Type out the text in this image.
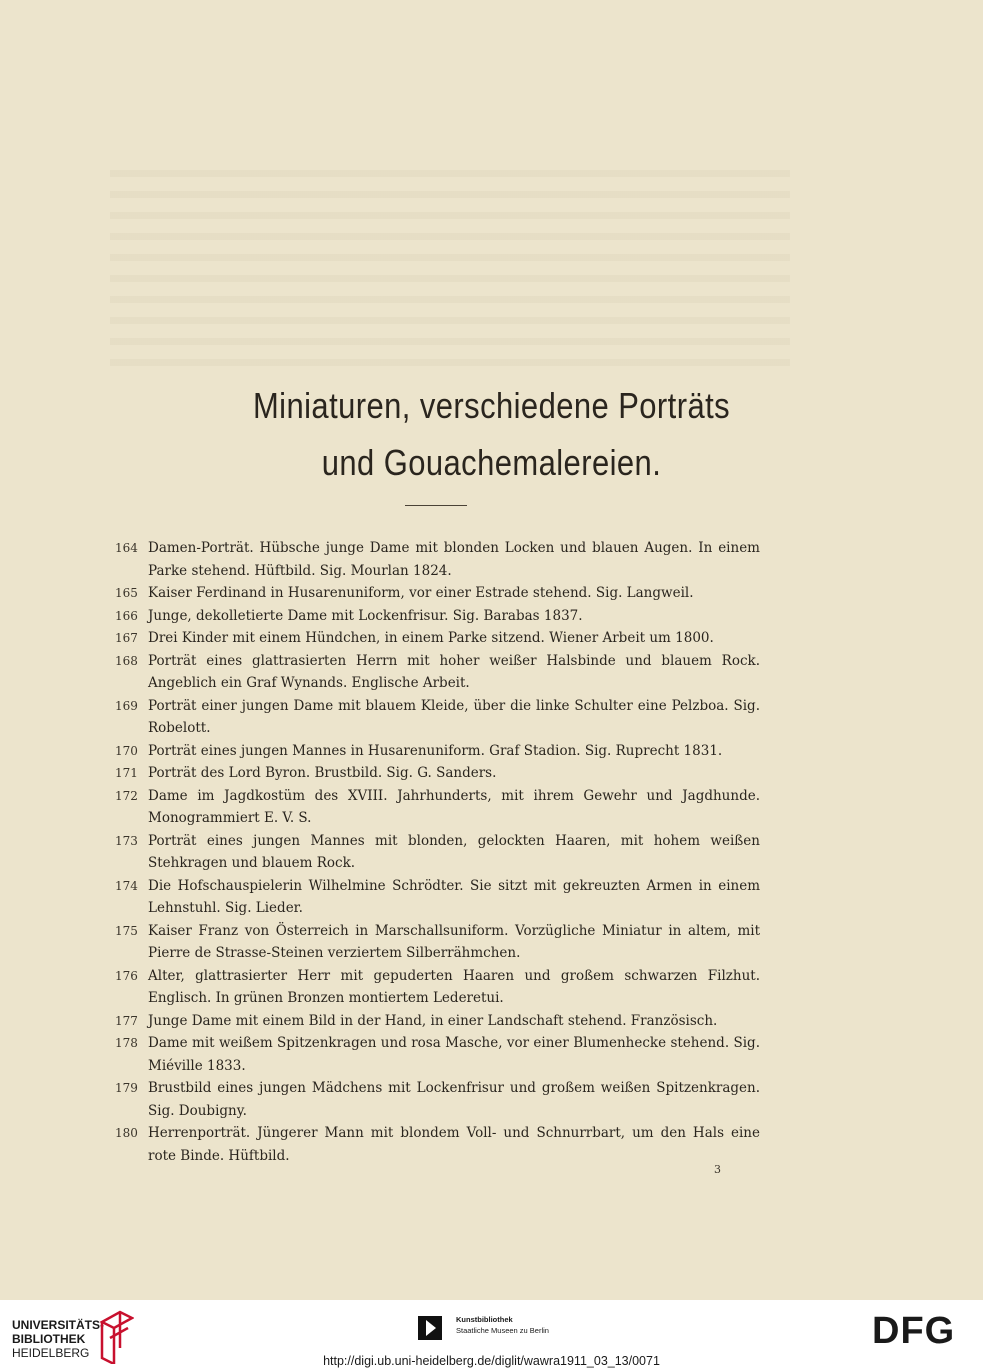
Miniaturen, verschiedene Porträts
und Gouachemalereien.
164 Damen-Porträt. Hübsche junge Dame mit blonden Locken und blauen Augen. In einem Parke stehend. Hüftbild. Sig. Mourlan 1824.
165 Kaiser Ferdinand in Husarenuniform, vor einer Estrade stehend. Sig. Langweil.
166 Junge, dekolletierte Dame mit Lockenfrisur. Sig. Barabas 1837.
167 Drei Kinder mit einem Hündchen, in einem Parke sitzend. Wiener Arbeit um 1800.
168 Porträt eines glattrasierten Herrn mit hoher weißer Halsbinde und blauem Rock. Angeblich ein Graf Wynands. Englische Arbeit.
169 Porträt einer jungen Dame mit blauem Kleide, über die linke Schulter eine Pelzboa. Sig. Robelott.
170 Porträt eines jungen Mannes in Husarenuniform. Graf Stadion. Sig. Ruprecht 1831.
171 Porträt des Lord Byron. Brustbild. Sig. G. Sanders.
172 Dame im Jagdkostüm des XVIII. Jahrhunderts, mit ihrem Gewehr und Jagdhunde. Monogrammiert E. V. S.
173 Porträt eines jungen Mannes mit blonden, gelockten Haaren, mit hohem weißen Stehkragen und blauem Rock.
174 Die Hofschauspielerin Wilhelmine Schrödter. Sie sitzt mit gekreuzten Armen in einem Lehnstuhl. Sig. Lieder.
175 Kaiser Franz von Österreich in Marschallsuniform. Vorzügliche Miniatur in altem, mit Pierre de Strasse-Steinen verziertem Silberrähmchen.
176 Alter, glattrasierter Herr mit gepuderten Haaren und großem schwarzen Filzhut. Englisch. In grünen Bronzen montiertem Lederetui.
177 Junge Dame mit einem Bild in der Hand, in einer Landschaft stehend. Französisch.
178 Dame mit weißem Spitzenkragen und rosa Masche, vor einer Blumenhecke stehend. Sig. Miéville 1833.
179 Brustbild eines jungen Mädchens mit Lockenfrisur und großem weißen Spitzenkragen. Sig. Doubigny.
180 Herrenporträt. Jüngerer Mann mit blondem Voll- und Schnurrbart, um den Hals eine rote Binde. Hüftbild.
3
UNIVERSITÄTS-
BIBLIOTHEK
HEIDELBERG
Kunstbibliothek
Staatliche Museen zu Berlin	DFG
http://digi.ub.uni-heidelberg.de/diglit/wawra1911_03_13/0071
